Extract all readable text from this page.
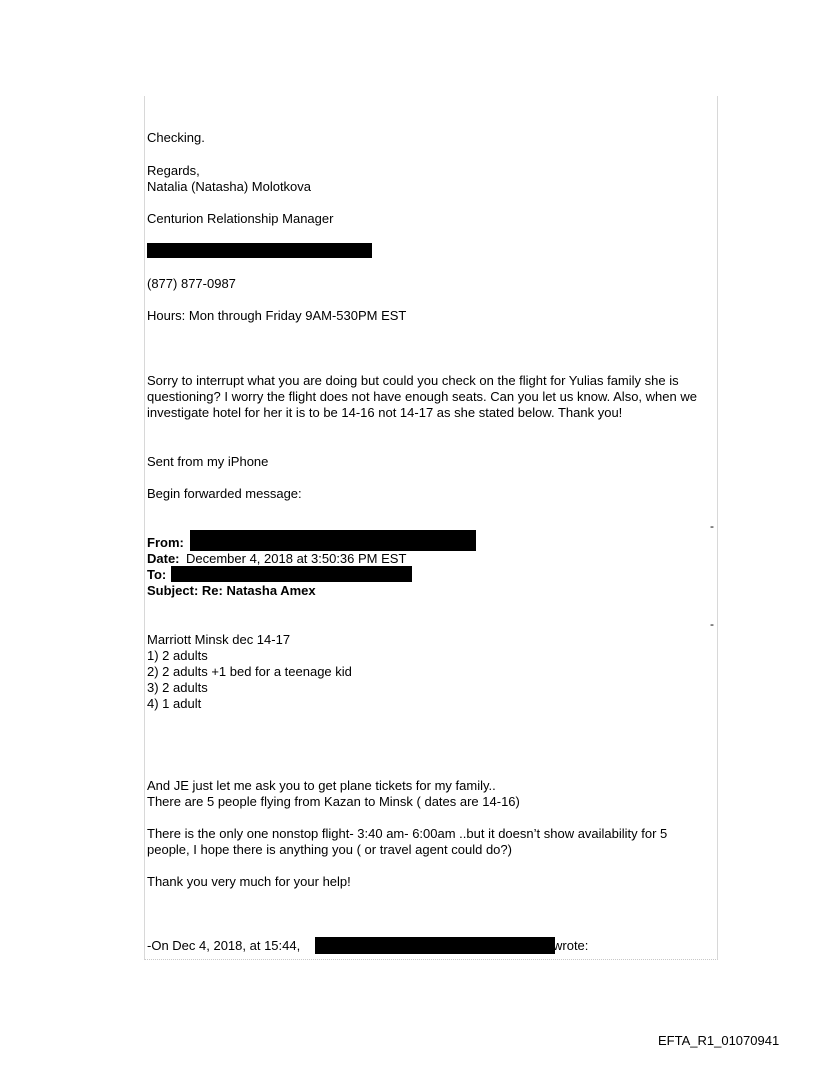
Checking.
Regards,
Natalia (Natasha) Molotkova
Centurion Relationship Manager
(877) 877-0987
Hours: Mon through Friday 9AM-530PM EST
Sorry to interrupt what you are doing but could you check on the flight for Yulias family she is questioning? I worry the flight does not have enough seats. Can you let us know. Also, when we investigate hotel for her it is to be 14-16 not 14-17 as she stated below. Thank you!
Sent from my iPhone
Begin forwarded message:
-
From:
Date: December 4, 2018 at 3:50:36 PM EST
To:
Subject: Re: Natasha Amex
-
Marriott Minsk dec 14-17
1) 2 adults
2) 2 adults +1 bed for a teenage kid
3) 2 adults
4) 1 adult
And JE just let me ask you to get plane tickets for my family..
There are 5 people flying from Kazan to Minsk ( dates are 14-16)
There is the only one nonstop flight- 3:40 am- 6:00am ..but it doesn’t show availability for 5 people, I hope there is anything you ( or travel agent could do?)
Thank you very much for your help!
-On Dec 4, 2018, at 15:44,	wrote:
EFTA_R1_01070941
